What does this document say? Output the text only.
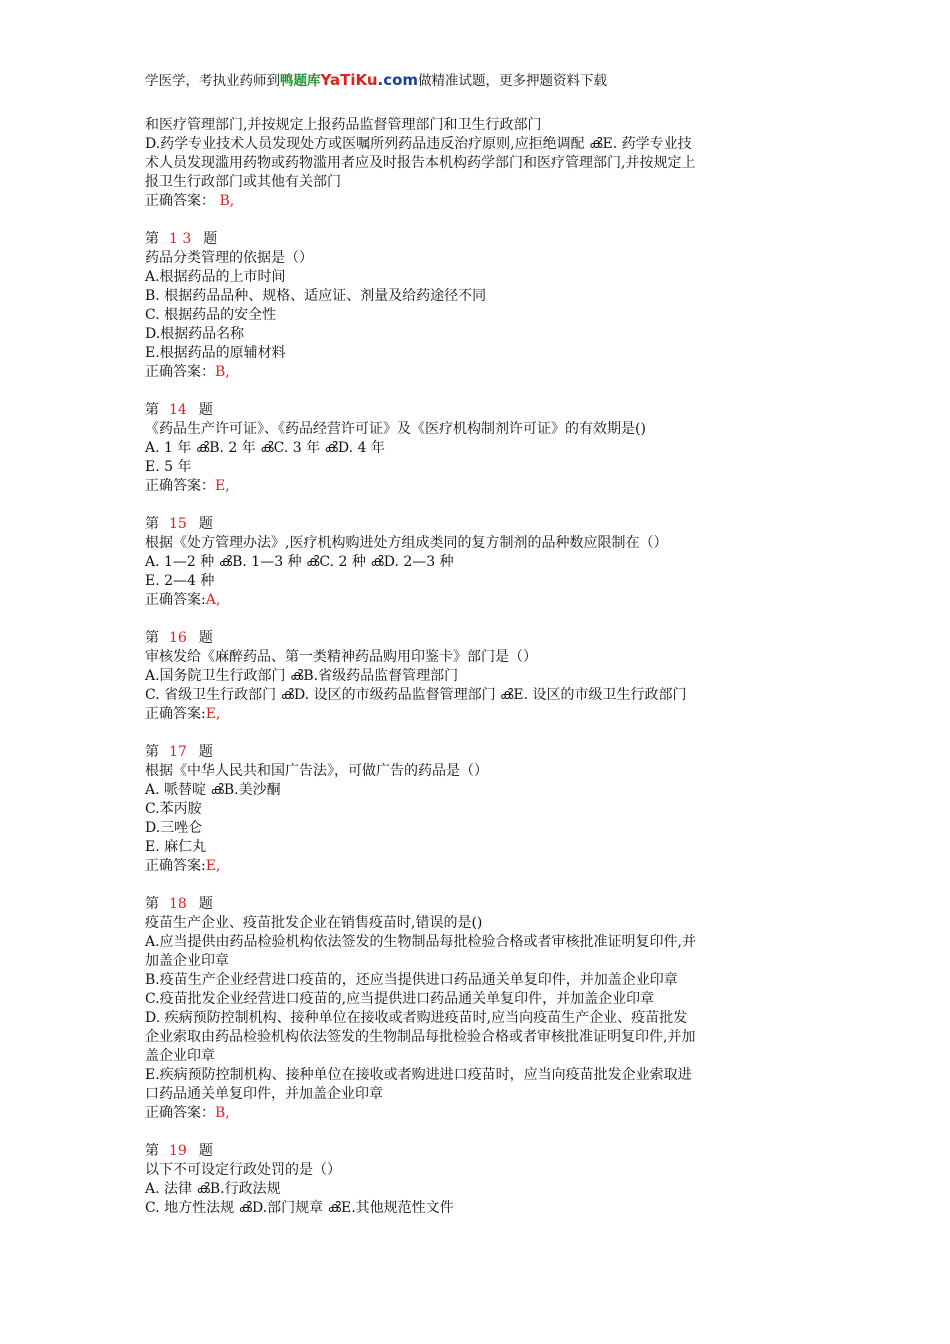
学医学，考执业药师到鸭题库YaTiKu.com做精准试题，更多押题资料下载
和医疗管理部门,并按规定上报药品监督管理部门和卫生行政部门
D.药学专业技术人员发现处方或医嘱所列药品违反治疗原则,应拒绝调配 ൿE. 药学专业技
术人员发现滥用药物或药物滥用者应及时报告本机构药学部门和医疗管理部门,并按规定上
报卫生行政部门或其他有关部门
正确答案： B,
第 1 3 题
药品分类管理的依据是（）
A.根据药品的上市时间
B. 根据药品品种、规格、适应证、剂量及给药途径不同
C. 根据药品的安全性
D.根据药品名称
E.根据药品的原辅材料
正确答案：B,
第 14 题
《药品生产许可证》、《药品经营许可证》及《医疗机构制剂许可证》的有效期是()
A. 1 年 ൿB. 2 年 ൿC. 3 年 ൿD. 4 年
E. 5 年
正确答案：E,
第 15 题
根据《处方管理办法》,医疗机构购进处方组成类同的复方制剂的品种数应限制在（）
A. 1—2 种 ൿB. 1—3 种 ൿC. 2 种 ൿD. 2—3 种
E. 2—4 种
正确答案:A,
第 16 题
审核发给《麻醉药品、第一类精神药品购用印鉴卡》部门是（）
A.国务院卫生行政部门 ൿB.省级药品监督管理部门
C. 省级卫生行政部门 ൿD. 设区的市级药品监督管理部门 ൿE. 设区的市级卫生行政部门
正确答案:E,
第 17 题
根据《中华人民共和国广告法》，可做广告的药品是（）
A. 哌替啶 ൿB.美沙酮
C.苯丙胺
D.三唑仑
E. 麻仁丸
正确答案:E,
第 18 题
疫苗生产企业、疫苗批发企业在销售疫苗时,错误的是()
A.应当提供由药品检验机构依法签发的生物制品每批检验合格或者审核批准证明复印件,并
加盖企业印章
B.疫苗生产企业经营进口疫苗的，还应当提供进口药品通关单复印件，并加盖企业印章
C.疫苗批发企业经营进口疫苗的,应当提供进口药品通关单复印件，并加盖企业印章
D. 疾病预防控制机构、接种单位在接收或者购进疫苗时,应当向疫苗生产企业、疫苗批发
企业索取由药品检验机构依法签发的生物制品每批检验合格或者审核批准证明复印件,并加
盖企业印章
E.疾病预防控制机构、接种单位在接收或者购进进口疫苗时，应当向疫苗批发企业索取进
口药品通关单复印件，并加盖企业印章
正确答案：B,
第 19 题
以下不可设定行政处罚的是（）
A. 法律 ൿB.行政法规
C. 地方性法规 ൿD.部门规章 ൿE.其他规范性文件
